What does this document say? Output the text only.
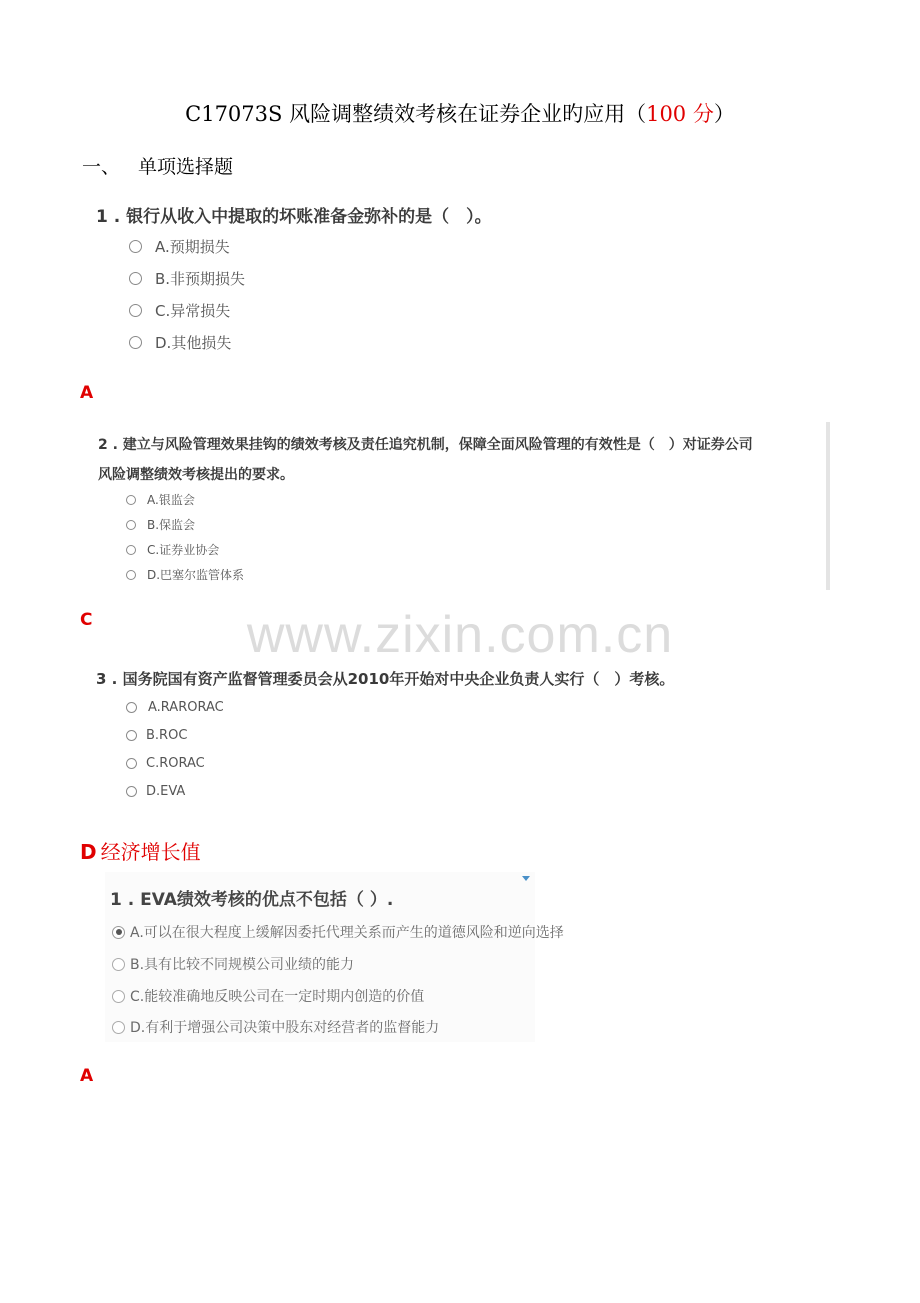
C17073S 风险调整绩效考核在证券企业旳应用（100 分）
一、 单项选择题
www.zixin.com.cn
1 . 银行从收入中提取的坏账准备金弥补的是（　）。
A.预期损失
B.非预期损失
C.异常损失
D.其他损失
A
2 . 建立与风险管理效果挂钩的绩效考核及责任追究机制，保障全面风险管理的有效性是（　）对证券公司
风险调整绩效考核提出的要求。
A.银监会
B.保监会
C.证券业协会
D.巴塞尔监管体系
C
3 . 国务院国有资产监督管理委员会从2010年开始对中央企业负责人实行（　）考核。
A.RARORAC
B.ROC
C.RORAC
D.EVA
D 经济增长值
1 . EVA绩效考核的优点不包括（ ）.
A.可以在很大程度上缓解因委托代理关系而产生的道德风险和逆向选择
B.具有比较不同规模公司业绩的能力
C.能较准确地反映公司在一定时期内创造的价值
D.有利于增强公司决策中股东对经营者的监督能力
A
